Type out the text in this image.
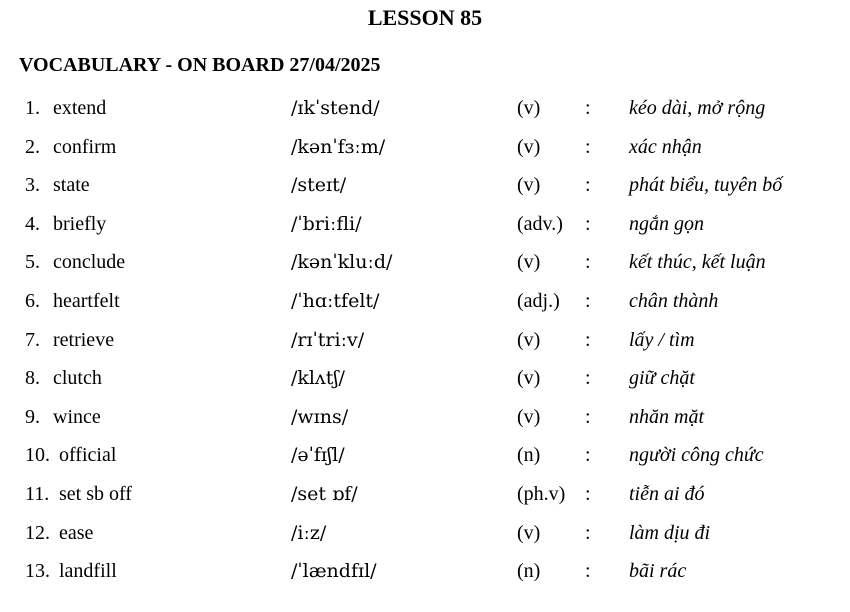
LESSON 85
VOCABULARY - ON BOARD 27/04/2025
1. extend	/ɪkˈstend/	(v) : kéo dài, mở rộng
2. confirm	/kənˈfɜːm/	(v) : xác nhận
3. state	/steɪt/	(v) : phát biểu, tuyên bố
4. briefly	/ˈbriːfli/	(adv.) : ngắn gọn
5. conclude	/kənˈkluːd/	(v) : kết thúc, kết luận
6. heartfelt	/ˈhɑːtfelt/	(adj.) : chân thành
7. retrieve	/rɪˈtriːv/	(v) : lấy / tìm
8. clutch	/klʌtʃ/	(v) : giữ chặt
9. wince	/wɪns/	(v) : nhăn mặt
10. official	/əˈfɪʃl/	(n) : người công chức
11. set sb off	/set ɒf/	(ph.v) : tiễn ai đó
12. ease	/iːz/	(v) : làm dịu đi
13. landfill	/ˈlændfɪl/	(n) : bãi rác
